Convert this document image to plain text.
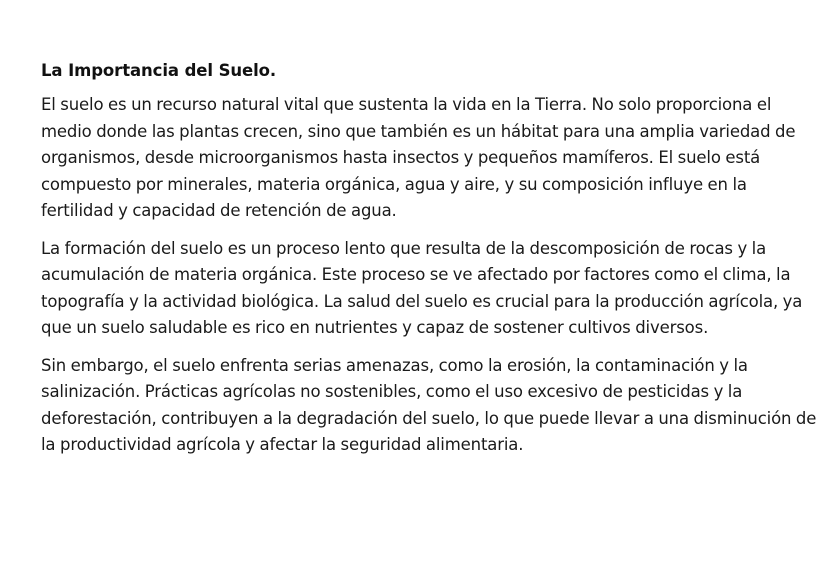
La Importancia del Suelo.

El suelo es un recurso natural vital que sustenta la vida en la Tierra. No solo proporciona el medio donde las plantas crecen, sino que también es un hábitat para una amplia variedad de organismos, desde microorganismos hasta insectos y pequeños mamíferos. El suelo está compuesto por minerales, materia orgánica, agua y aire, y su composición influye en la fertilidad y capacidad de retención de agua.

La formación del suelo es un proceso lento que resulta de la descomposición de rocas y la acumulación de materia orgánica. Este proceso se ve afectado por factores como el clima, la topografía y la actividad biológica. La salud del suelo es crucial para la producción agrícola, ya que un suelo saludable es rico en nutrientes y capaz de sostener cultivos diversos.

Sin embargo, el suelo enfrenta serias amenazas, como la erosión, la contaminación y la salinización. Prácticas agrícolas no sostenibles, como el uso excesivo de pesticidas y la deforestación, contribuyen a la degradación del suelo, lo que puede llevar a una disminución de la productividad agrícola y afectar la seguridad alimentaria.
